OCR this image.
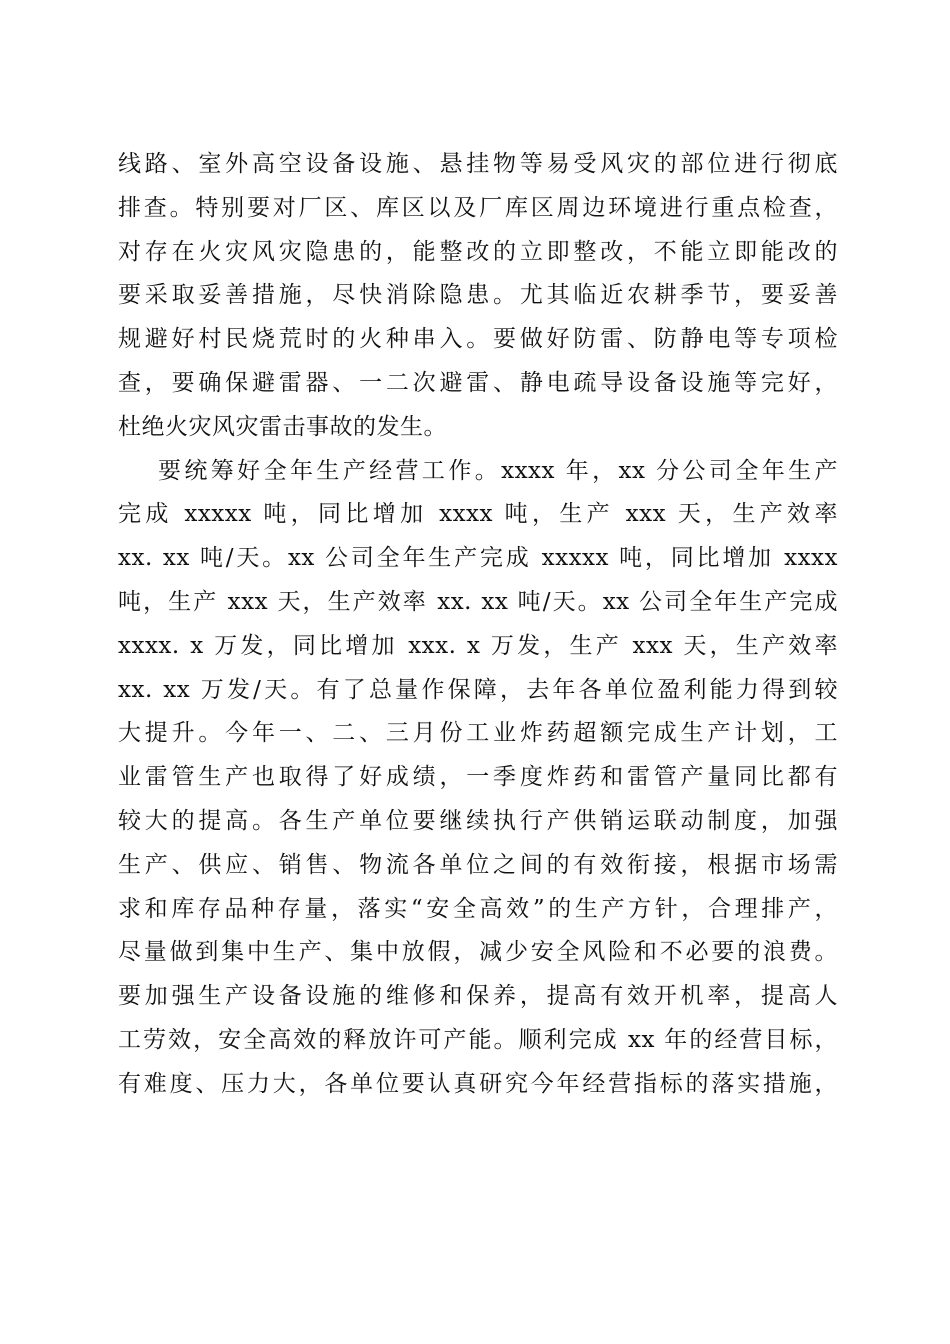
线路、室外高空设备设施、悬挂物等易受风灾的部位进行彻底
排查。特别要对厂区、库区以及厂库区周边环境进行重点检查，
对存在火灾风灾隐患的，能整改的立即整改，不能立即能改的
要采取妥善措施，尽快消除隐患。尤其临近农耕季节，要妥善
规避好村民烧荒时的火种串入。要做好防雷、防静电等专项检
查，要确保避雷器、一二次避雷、静电疏导设备设施等完好，
杜绝火灾风灾雷击事故的发生。
要统筹好全年生产经营工作。xxxx 年，xx 分公司全年生产
完成 xxxxx 吨，同比增加 xxxx 吨，生产 xxx 天，生产效率
xx. xx 吨/天。xx 公司全年生产完成 xxxxx 吨，同比增加 xxxx
吨，生产 xxx 天，生产效率 xx. xx 吨/天。xx 公司全年生产完成
xxxx. x 万发，同比增加 xxx. x 万发，生产 xxx 天，生产效率
xx. xx 万发/天。有了总量作保障，去年各单位盈利能力得到较
大提升。今年一、二、三月份工业炸药超额完成生产计划，工
业雷管生产也取得了好成绩，一季度炸药和雷管产量同比都有
较大的提高。各生产单位要继续执行产供销运联动制度，加强
生产、供应、销售、物流各单位之间的有效衔接，根据市场需
求和库存品种存量，落实“安全高效”的生产方针，合理排产，
尽量做到集中生产、集中放假，减少安全风险和不必要的浪费。
要加强生产设备设施的维修和保养，提高有效开机率，提高人
工劳效，安全高效的释放许可产能。顺利完成 xx 年的经营目标，
有难度、压力大，各单位要认真研究今年经营指标的落实措施，
